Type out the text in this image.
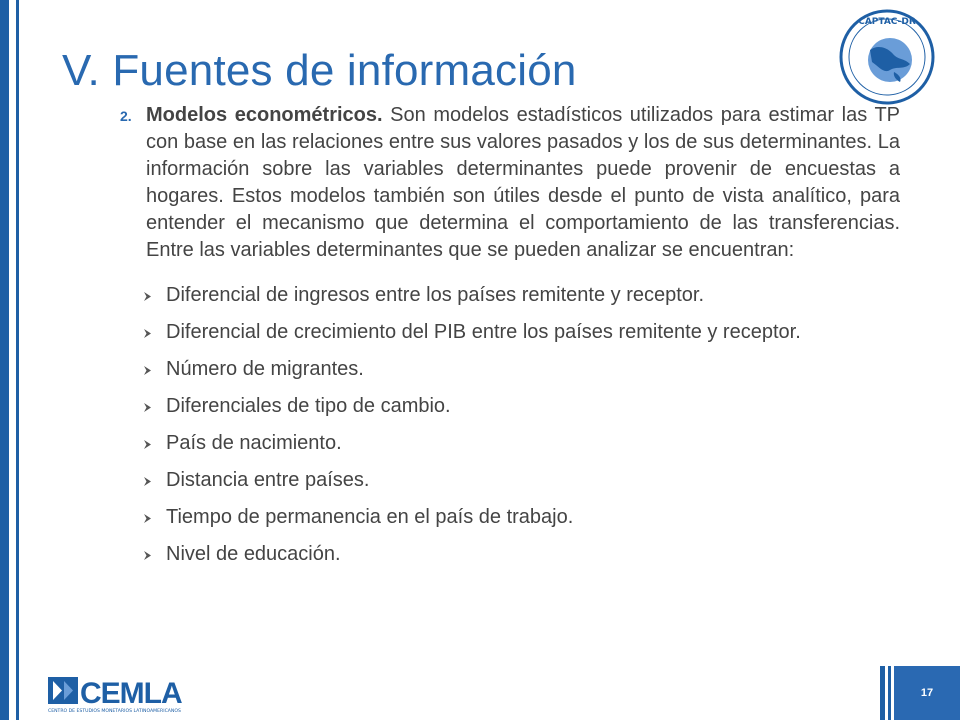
V. Fuentes de información
CAPTAC-DR
2. Modelos econométricos. Son modelos estadísticos utilizados para estimar las TP con base en las relaciones entre sus valores pasados y los de sus determinantes. La información sobre las variables determinantes puede provenir de encuestas a hogares. Estos modelos también son útiles desde el punto de vista analítico, para entender el mecanismo que determina el comportamiento de las transferencias. Entre las variables determinantes que se pueden analizar se encuentran:
Diferencial de ingresos entre los países remitente y receptor.
Diferencial de crecimiento del PIB entre los países remitente y receptor.
Número de migrantes.
Diferenciales de tipo de cambio.
País de nacimiento.
Distancia entre países.
Tiempo de permanencia en el país de trabajo.
Nivel de educación.
CEMLA
CENTRO DE ESTUDIOS MONETARIOS LATINOAMERICANOS
17
